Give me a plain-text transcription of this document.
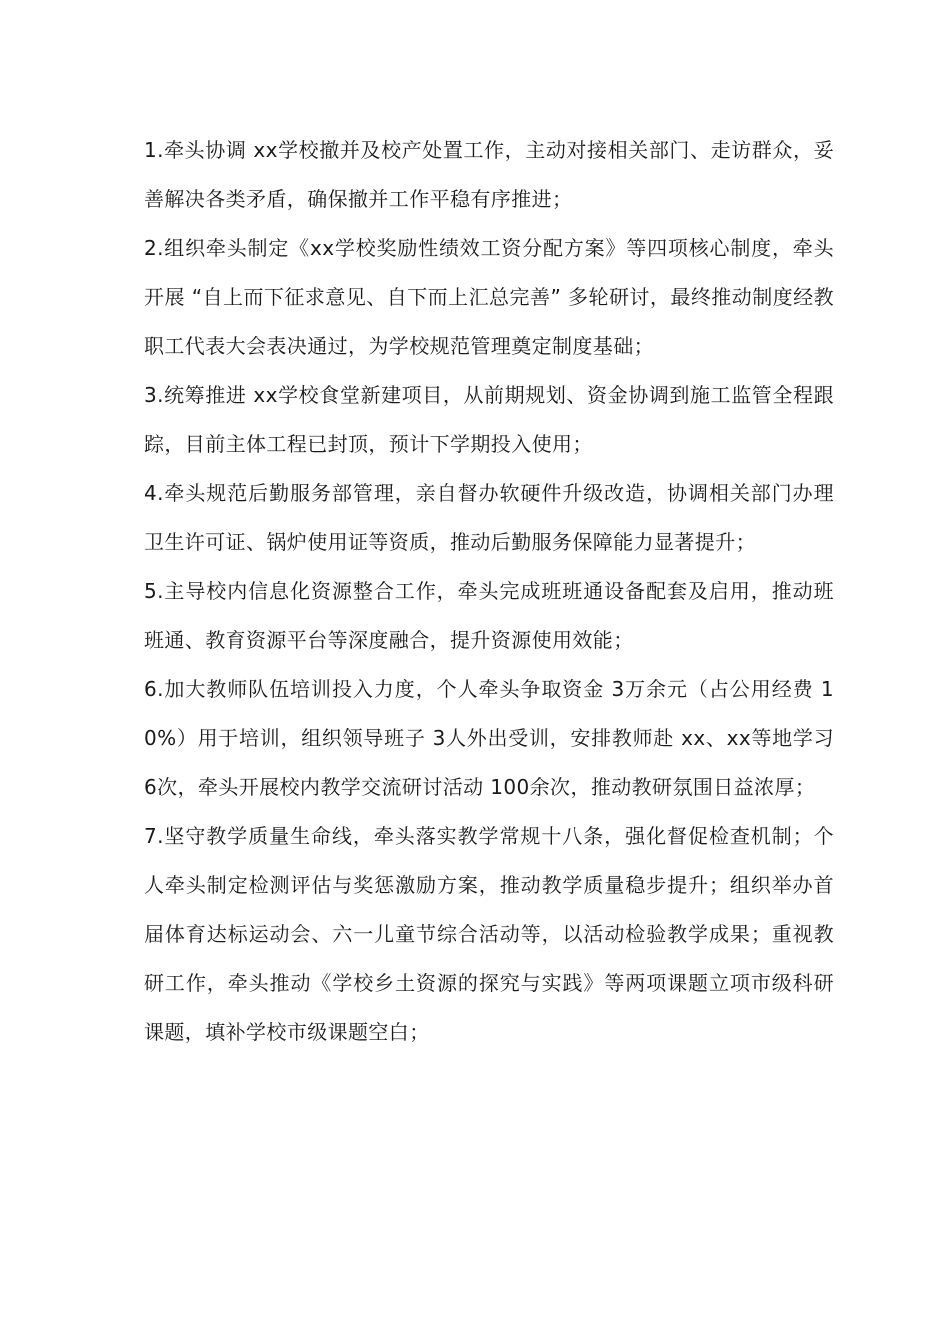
1.牵头协调 xx学校撤并及校产处置工作，主动对接相关部门、走访群众，妥善解决各类矛盾，确保撤并工作平稳有序推进；

2.组织牵头制定《xx学校奖励性绩效工资分配方案》等四项核心制度，牵头开展 “自上而下征求意见、自下而上汇总完善” 多轮研讨，最终推动制度经教职工代表大会表决通过，为学校规范管理奠定制度基础；

3.统筹推进 xx学校食堂新建项目，从前期规划、资金协调到施工监管全程跟踪，目前主体工程已封顶，预计下学期投入使用；

4.牵头规范后勤服务部管理，亲自督办软硬件升级改造，协调相关部门办理卫生许可证、锅炉使用证等资质，推动后勤服务保障能力显著提升；

5.主导校内信息化资源整合工作，牵头完成班班通设备配套及启用，推动班班通、教育资源平台等深度融合，提升资源使用效能；

6.加大教师队伍培训投入力度，个人牵头争取资金 3万余元（占公用经费 10%）用于培训，组织领导班子 3人外出受训，安排教师赴 xx、xx等地学习 6次，牵头开展校内教学交流研讨活动 100余次，推动教研氛围日益浓厚；

7.坚守教学质量生命线，牵头落实教学常规十八条，强化督促检查机制；个人牵头制定检测评估与奖惩激励方案，推动教学质量稳步提升；组织举办首届体育达标运动会、六一儿童节综合活动等，以活动检验教学成果；重视教研工作，牵头推动《学校乡土资源的探究与实践》等两项课题立项市级科研课题，填补学校市级课题空白；
